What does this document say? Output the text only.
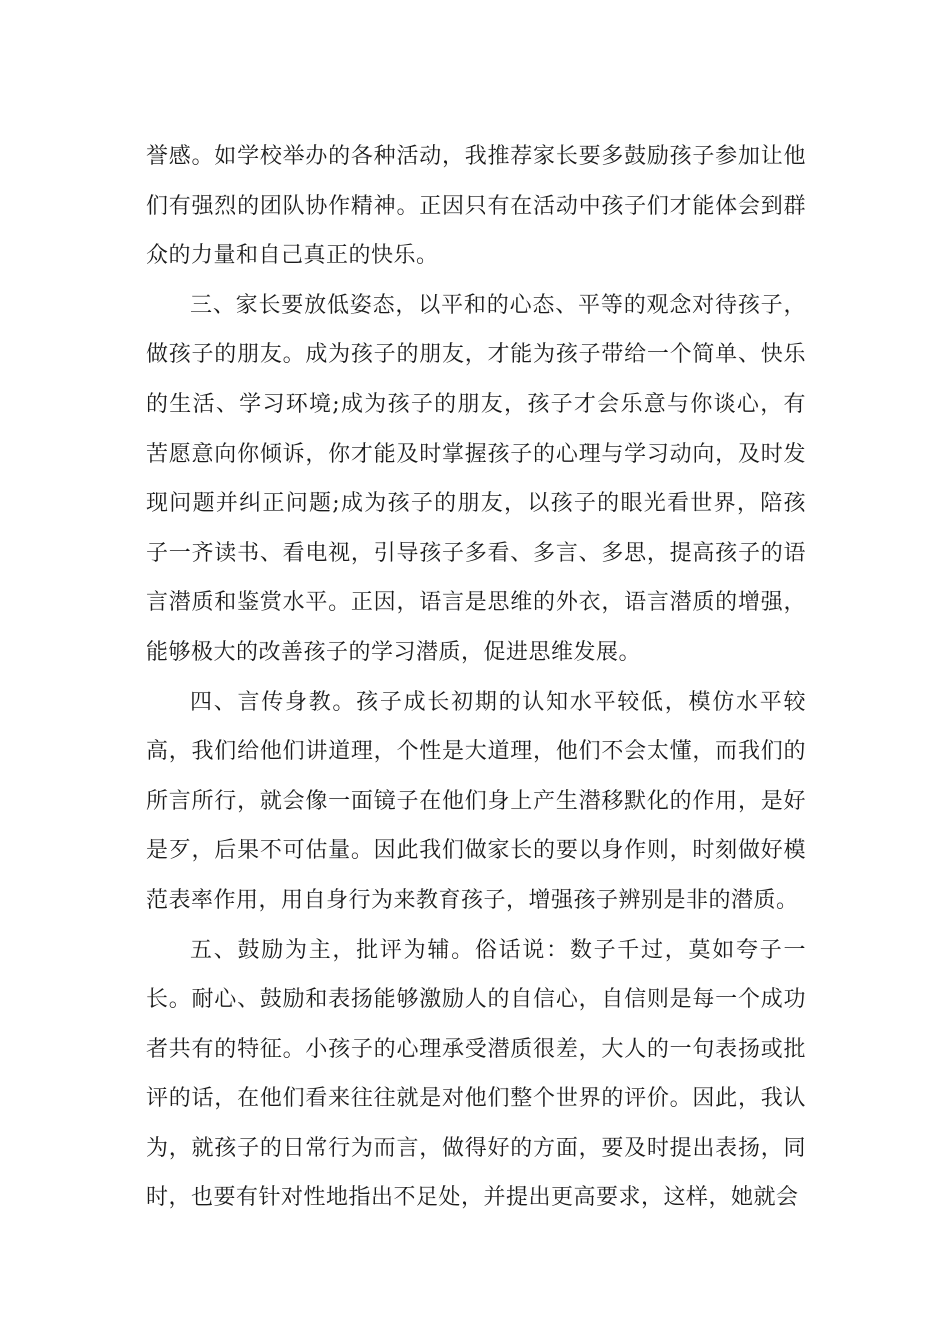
誉感。如学校举办的各种活动，我推荐家长要多鼓励孩子参加让他们有强烈的团队协作精神。正因只有在活动中孩子们才能体会到群众的力量和自己真正的快乐。

三、家长要放低姿态，以平和的心态、平等的观念对待孩子，做孩子的朋友。成为孩子的朋友，才能为孩子带给一个简单、快乐的生活、学习环境;成为孩子的朋友，孩子才会乐意与你谈心，有苦愿意向你倾诉，你才能及时掌握孩子的心理与学习动向，及时发现问题并纠正问题;成为孩子的朋友，以孩子的眼光看世界，陪孩子一齐读书、看电视，引导孩子多看、多言、多思，提高孩子的语言潜质和鉴赏水平。正因，语言是思维的外衣，语言潜质的增强，能够极大的改善孩子的学习潜质，促进思维发展。

四、言传身教。孩子成长初期的认知水平较低，模仿水平较高，我们给他们讲道理，个性是大道理，他们不会太懂，而我们的所言所行，就会像一面镜子在他们身上产生潜移默化的作用，是好是歹，后果不可估量。因此我们做家长的要以身作则，时刻做好模范表率作用，用自身行为来教育孩子，增强孩子辨别是非的潜质。

五、鼓励为主，批评为辅。俗话说：数子千过，莫如夸子一长。耐心、鼓励和表扬能够激励人的自信心，自信则是每一个成功者共有的特征。小孩子的心理承受潜质很差，大人的一句表扬或批评的话，在他们看来往往就是对他们整个世界的评价。因此，我认为，就孩子的日常行为而言，做得好的方面，要及时提出表扬，同时，也要有针对性地指出不足处，并提出更高要求，这样，她就会
